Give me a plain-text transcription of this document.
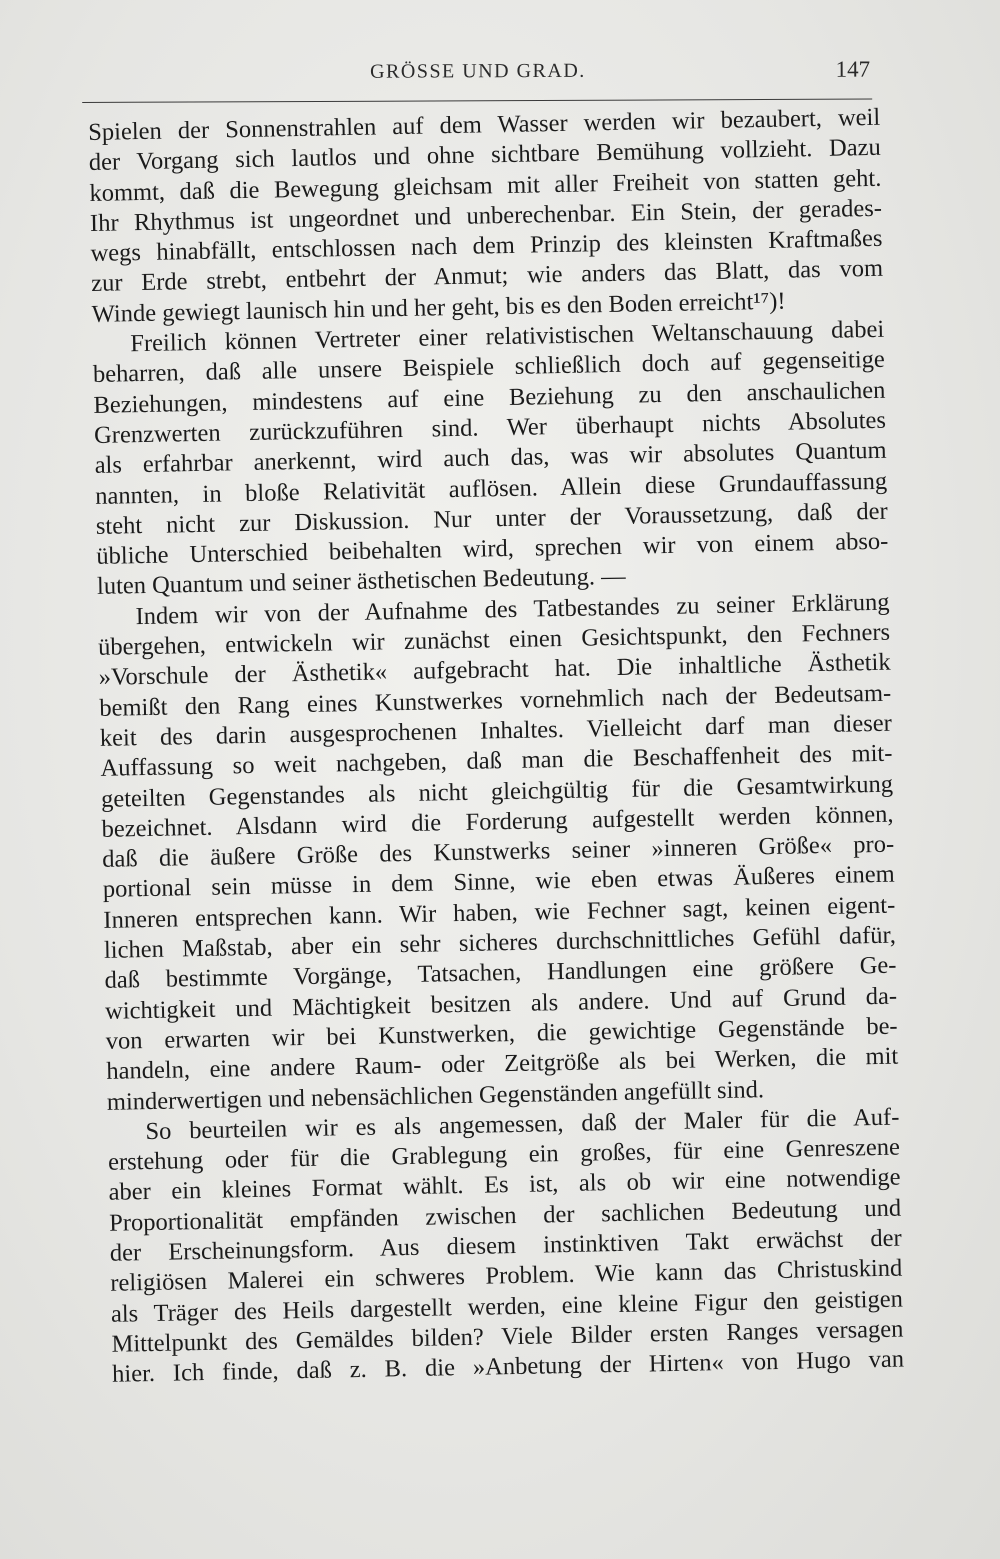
GRÖSSE UND GRAD.	147
Spielen der Sonnenstrahlen auf dem Wasser werden wir bezaubert, weil
der Vorgang sich lautlos und ohne sichtbare Bemühung vollzieht. Dazu
kommt, daß die Bewegung gleichsam mit aller Freiheit von statten geht.
Ihr Rhythmus ist ungeordnet und unberechenbar. Ein Stein, der gerades-
wegs hinabfällt, entschlossen nach dem Prinzip des kleinsten Kraftmaßes
zur Erde strebt, entbehrt der Anmut; wie anders das Blatt, das vom
Winde gewiegt launisch hin und her geht, bis es den Boden erreicht¹⁷)!
Freilich können Vertreter einer relativistischen Weltanschauung dabei
beharren, daß alle unsere Beispiele schließlich doch auf gegenseitige
Beziehungen, mindestens auf eine Beziehung zu den anschaulichen
Grenzwerten zurückzuführen sind. Wer überhaupt nichts Absolutes
als erfahrbar anerkennt, wird auch das, was wir absolutes Quantum
nannten, in bloße Relativität auflösen. Allein diese Grundauffassung
steht nicht zur Diskussion. Nur unter der Voraussetzung, daß der
übliche Unterschied beibehalten wird, sprechen wir von einem abso-
luten Quantum und seiner ästhetischen Bedeutung. —
Indem wir von der Aufnahme des Tatbestandes zu seiner Erklärung
übergehen, entwickeln wir zunächst einen Gesichtspunkt, den Fechners
»Vorschule der Ästhetik« aufgebracht hat. Die inhaltliche Ästhetik
bemißt den Rang eines Kunstwerkes vornehmlich nach der Bedeutsam-
keit des darin ausgesprochenen Inhaltes. Vielleicht darf man dieser
Auffassung so weit nachgeben, daß man die Beschaffenheit des mit-
geteilten Gegenstandes als nicht gleichgültig für die Gesamtwirkung
bezeichnet. Alsdann wird die Forderung aufgestellt werden können,
daß die äußere Größe des Kunstwerks seiner »inneren Größe« pro-
portional sein müsse in dem Sinne, wie eben etwas Äußeres einem
Inneren entsprechen kann. Wir haben, wie Fechner sagt, keinen eigent-
lichen Maßstab, aber ein sehr sicheres durchschnittliches Gefühl dafür,
daß bestimmte Vorgänge, Tatsachen, Handlungen eine größere Ge-
wichtigkeit und Mächtigkeit besitzen als andere. Und auf Grund da-
von erwarten wir bei Kunstwerken, die gewichtige Gegenstände be-
handeln, eine andere Raum- oder Zeitgröße als bei Werken, die mit
minderwertigen und nebensächlichen Gegenständen angefüllt sind.
So beurteilen wir es als angemessen, daß der Maler für die Auf-
erstehung oder für die Grablegung ein großes, für eine Genreszene
aber ein kleines Format wählt. Es ist, als ob wir eine notwendige
Proportionalität empfänden zwischen der sachlichen Bedeutung und
der Erscheinungsform. Aus diesem instinktiven Takt erwächst der
religiösen Malerei ein schweres Problem. Wie kann das Christuskind
als Träger des Heils dargestellt werden, eine kleine Figur den geistigen
Mittelpunkt des Gemäldes bilden? Viele Bilder ersten Ranges versagen
hier. Ich finde, daß z. B. die »Anbetung der Hirten« von Hugo van
